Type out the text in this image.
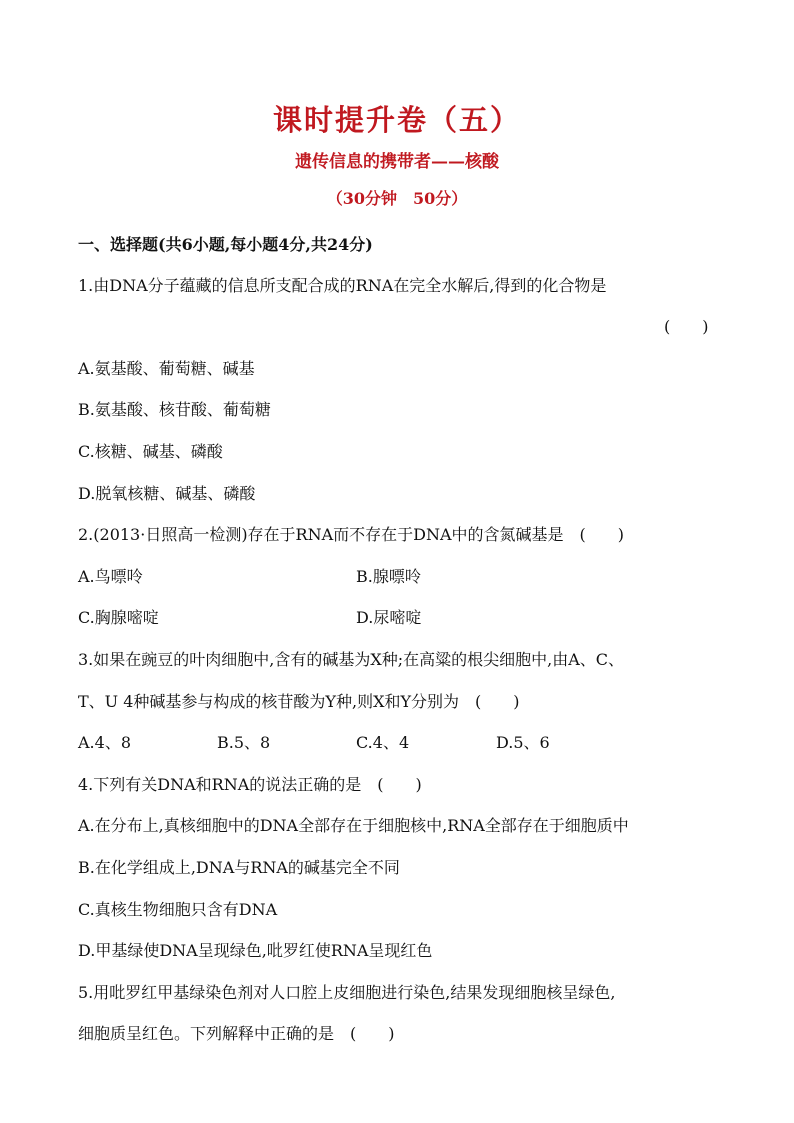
课时提升卷（五）
遗传信息的携带者——核酸
（30分钟　50分）
一、选择题(共6小题,每小题4分,共24分)
1.由DNA分子蕴藏的信息所支配合成的RNA在完全水解后,得到的化合物是
(　　)
A.氨基酸、葡萄糖、碱基
B.氨基酸、核苷酸、葡萄糖
C.核糖、碱基、磷酸
D.脱氧核糖、碱基、磷酸
2.(2013·日照高一检测)存在于RNA而不存在于DNA中的含氮碱基是　(　　)
A.鸟嘌呤	B.腺嘌呤
C.胸腺嘧啶	D.尿嘧啶
3.如果在豌豆的叶肉细胞中,含有的碱基为X种;在高粱的根尖细胞中,由A、C、
T、U 4种碱基参与构成的核苷酸为Y种,则X和Y分别为　(　　)
A.4、8	B.5、8	C.4、4	D.5、6
4.下列有关DNA和RNA的说法正确的是　(　　)
A.在分布上,真核细胞中的DNA全部存在于细胞核中,RNA全部存在于细胞质中
B.在化学组成上,DNA与RNA的碱基完全不同
C.真核生物细胞只含有DNA
D.甲基绿使DNA呈现绿色,吡罗红使RNA呈现红色
5.用吡罗红甲基绿染色剂对人口腔上皮细胞进行染色,结果发现细胞核呈绿色,
细胞质呈红色。下列解释中正确的是　(　　)
